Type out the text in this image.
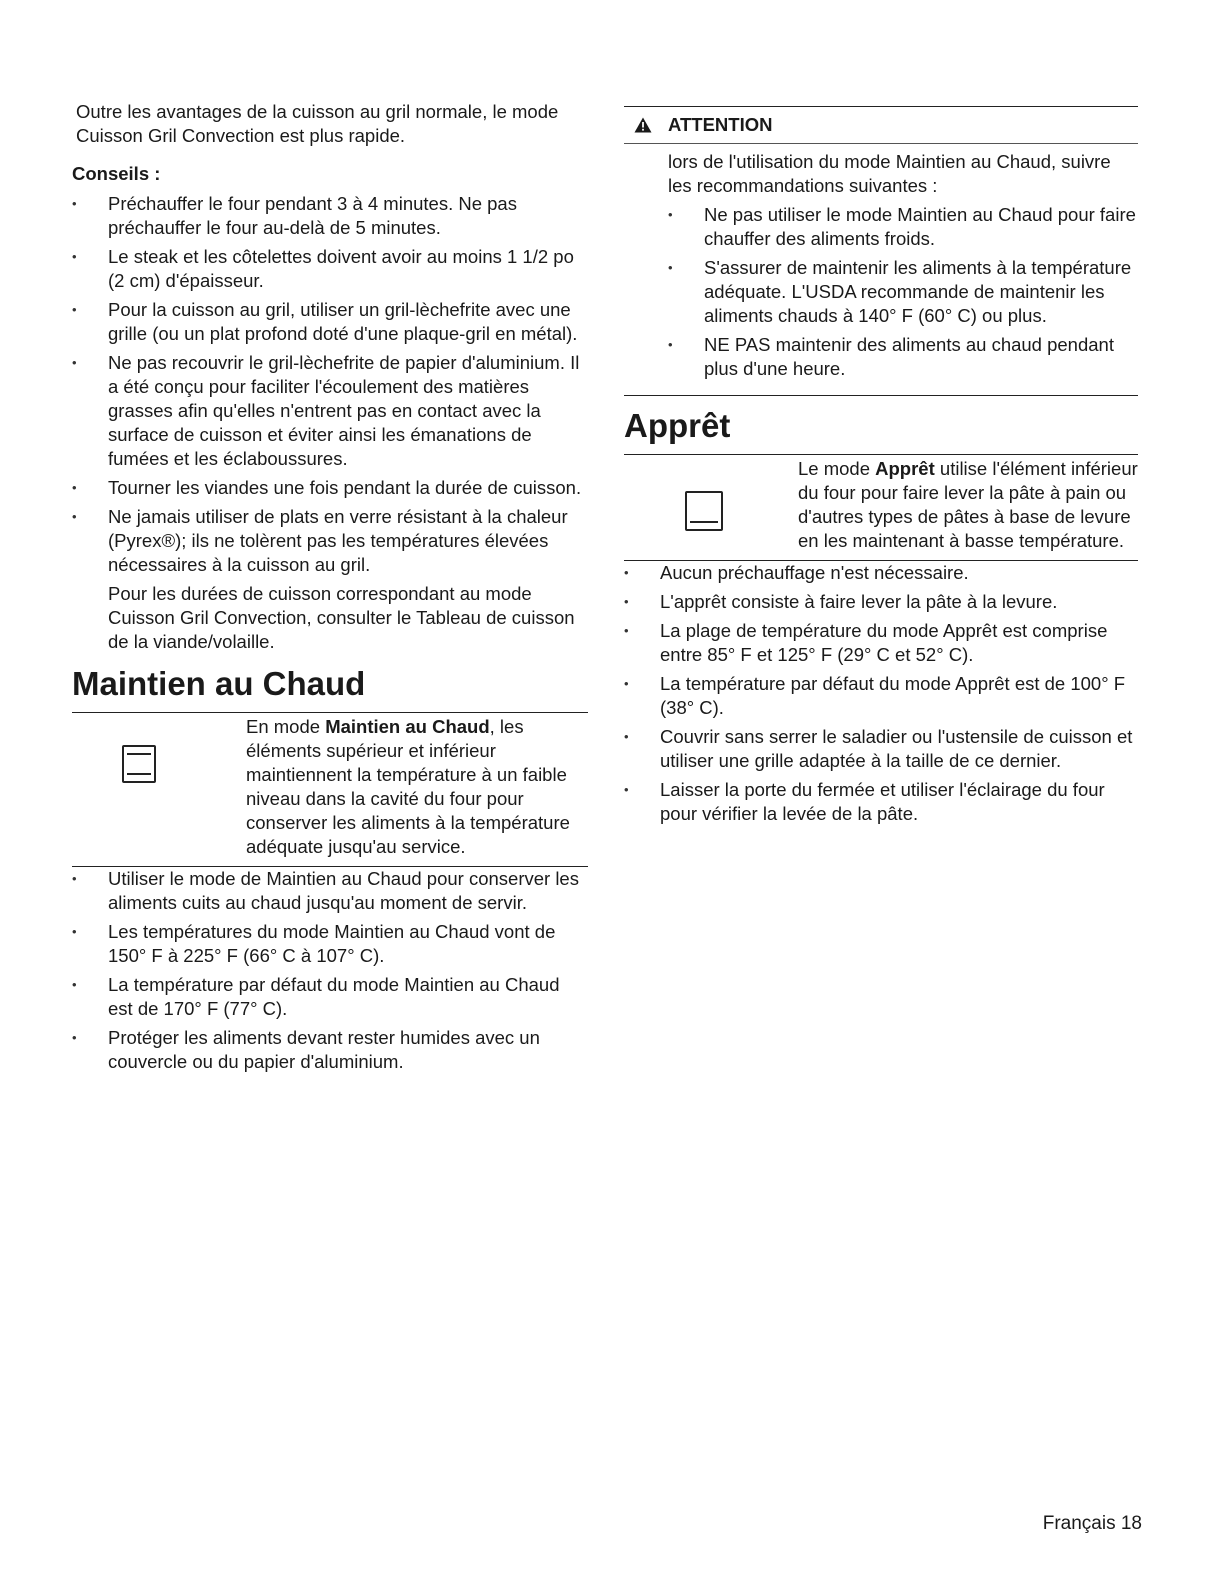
Outre les avantages de la cuisson au gril normale, le mode Cuisson Gril Convection est plus rapide.

Conseils :

• Préchauffer le four pendant 3 à 4 minutes. Ne pas préchauffer le four au-delà de 5 minutes.
• Le steak et les côtelettes doivent avoir au moins 1 1/2 po (2 cm) d'épaisseur.
• Pour la cuisson au gril, utiliser un gril-lèchefrite avec une grille (ou un plat profond doté d'une plaque-gril en métal).
• Ne pas recouvrir le gril-lèchefrite de papier d'aluminium. Il a été conçu pour faciliter l'écoulement des matières grasses afin qu'elles n'entrent pas en contact avec la surface de cuisson et éviter ainsi les émanations de fumées et les éclaboussures.
• Tourner les viandes une fois pendant la durée de cuisson.
• Ne jamais utiliser de plats en verre résistant à la chaleur (Pyrex®); ils ne tolèrent pas les températures élevées nécessaires à la cuisson au gril.

Pour les durées de cuisson correspondant au mode Cuisson Gril Convection, consulter le Tableau de cuisson de la viande/volaille.

Maintien au Chaud

En mode Maintien au Chaud, les éléments supérieur et inférieur maintiennent la température à un faible niveau dans la cavité du four pour conserver les aliments à la température adéquate jusqu'au service.

• Utiliser le mode de Maintien au Chaud pour conserver les aliments cuits au chaud jusqu'au moment de servir.
• Les températures du mode Maintien au Chaud vont de 150° F à 225° F (66° C à 107° C).
• La température par défaut du mode Maintien au Chaud est de 170° F (77° C).
• Protéger les aliments devant rester humides avec un couvercle ou du papier d'aluminium.
ATTENTION

lors de l'utilisation du mode Maintien au Chaud, suivre les recommandations suivantes :

• Ne pas utiliser le mode Maintien au Chaud pour faire chauffer des aliments froids.
• S'assurer de maintenir les aliments à la température adéquate. L'USDA recommande de maintenir les aliments chauds à 140° F (60° C) ou plus.
• NE PAS maintenir des aliments au chaud pendant plus d'une heure.
Apprêt

Le mode Apprêt utilise l'élément inférieur du four pour faire lever la pâte à pain ou d'autres types de pâtes à base de levure en les maintenant à basse température.

• Aucun préchauffage n'est nécessaire.
• L'apprêt consiste à faire lever la pâte à la levure.
• La plage de température du mode Apprêt est comprise entre 85° F et 125° F (29° C et 52° C).
• La température par défaut du mode Apprêt est de 100° F (38° C).
• Couvrir sans serrer le saladier ou l'ustensile de cuisson et utiliser une grille adaptée à la taille de ce dernier.
• Laisser la porte du fermée et utiliser l'éclairage du four pour vérifier la levée de la pâte.
Français 18
